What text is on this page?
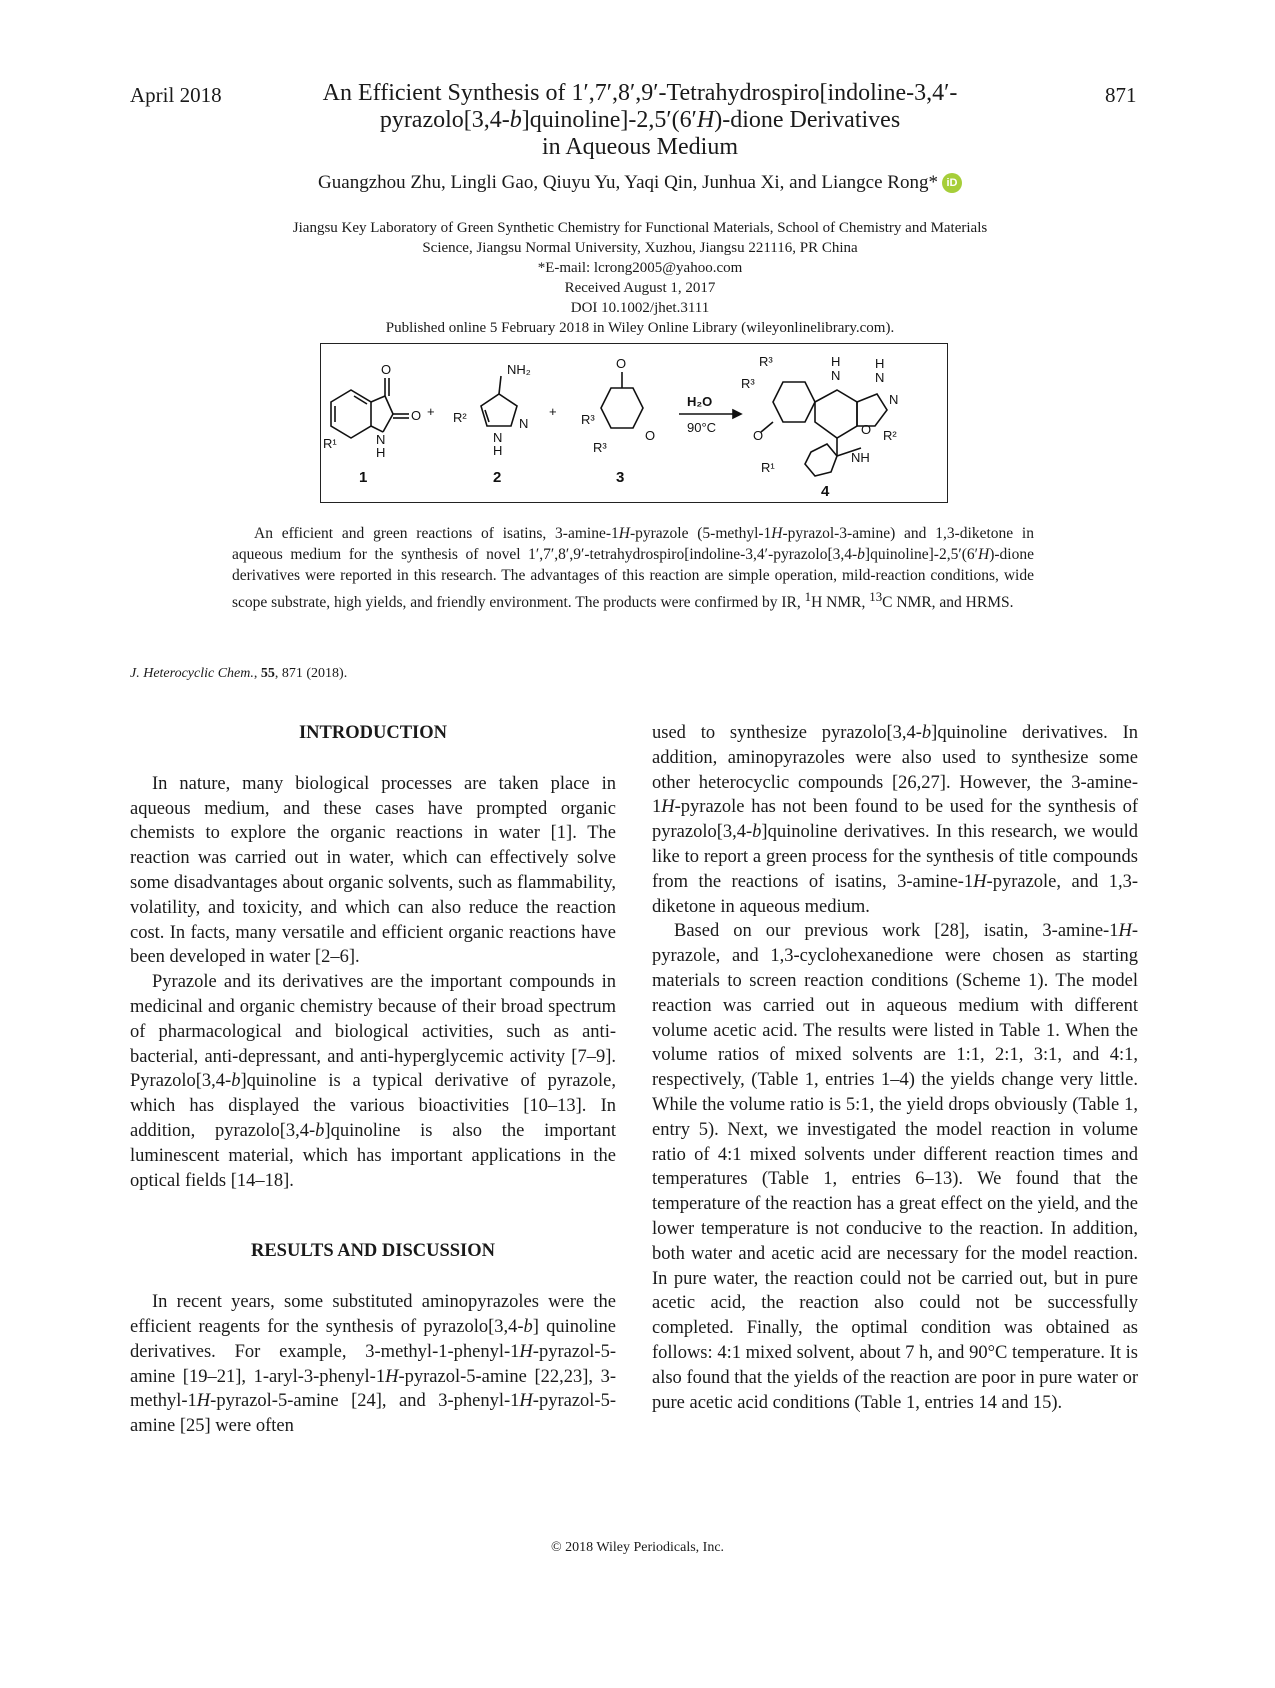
April 2018	871
An Efficient Synthesis of 1′,7′,8′,9′-Tetrahydrospiro[indoline-3,4′-
pyrazolo[3,4-b]quinoline]-2,5′(6′H)-dione Derivatives
in Aqueous Medium
Guangzhou Zhu, Lingli Gao, Qiuyu Yu, Yaqi Qin, Junhua Xi, and Liangce Rong* iD
Jiangsu Key Laboratory of Green Synthetic Chemistry for Functional Materials, School of Chemistry and Materials
Science, Jiangsu Normal University, Xuzhou, Jiangsu 221116, PR China
*E-mail: lcrong2005@yahoo.com
Received August 1, 2017
DOI 10.1002/jhet.3111
Published online 5 February 2018 in Wiley Online Library (wileyonlinelibrary.com).
O
O
N
H
R¹
1
+
NH₂
N
N
H
R²
2
+
O
O
R³
R³
3
H₂O
90°C
R³
R³
H
N
H
N
N
R²
O	O
NH
R¹
4

An efficient and green reactions of isatins, 3-amine-1H-pyrazole (5-methyl-1H-pyrazol-3-amine) and 1,3-diketone in aqueous medium for the synthesis of novel 1′,7′,8′,9′-tetrahydrospiro[indoline-3,4′-pyrazolo[3,4-b]quinoline]-2,5′(6′H)-dione derivatives were reported in this research. The advantages of this reaction are simple operation, mild-reaction conditions, wide scope substrate, high yields, and friendly environment. The products were confirmed by IR, $^1$H NMR, $^{13}$C NMR, and HRMS.

J. Heterocyclic Chem., 55, 871 (2018).

INTRODUCTION

In nature, many biological processes are taken place in aqueous medium, and these cases have prompted organic chemists to explore the organic reactions in water [1]. The reaction was carried out in water, which can effectively solve some disadvantages about organic solvents, such as flammability, volatility, and toxicity, and which can also reduce the reaction cost. In facts, many versatile and efficient organic reactions have been developed in water [2–6].

Pyrazole and its derivatives are the important compounds in medicinal and organic chemistry because of their broad spectrum of pharmacological and biological activities, such as anti-bacterial, anti-depressant, and anti-hyperglycemic activity [7–9]. Pyrazolo[3,4-b]quinoline is a typical derivative of pyrazole, which has displayed the various bioactivities [10–13]. In addition, pyrazolo[3,4-b]quinoline is also the important luminescent material, which has important applications in the optical fields [14–18].

RESULTS AND DISCUSSION

In recent years, some substituted aminopyrazoles were the efficient reagents for the synthesis of pyrazolo[3,4-b] quinoline derivatives. For example, 3-methyl-1-phenyl-1H-pyrazol-5-amine [19–21], 1-aryl-3-phenyl-1H-pyrazol-5-amine [22,23], 3-methyl-1H-pyrazol-5-amine [24], and 3-phenyl-1H-pyrazol-5-amine [25] were often

used to synthesize pyrazolo[3,4-b]quinoline derivatives. In addition, aminopyrazoles were also used to synthesize some other heterocyclic compounds [26,27]. However, the 3-amine-1H-pyrazole has not been found to be used for the synthesis of pyrazolo[3,4-b]quinoline derivatives. In this research, we would like to report a green process for the synthesis of title compounds from the reactions of isatins, 3-amine-1H-pyrazole, and 1,3-diketone in aqueous medium.

Based on our previous work [28], isatin, 3-amine-1H-pyrazole, and 1,3-cyclohexanedione were chosen as starting materials to screen reaction conditions (Scheme 1). The model reaction was carried out in aqueous medium with different volume acetic acid. The results were listed in Table 1. When the volume ratios of mixed solvents are 1:1, 2:1, 3:1, and 4:1, respectively, (Table 1, entries 1–4) the yields change very little. While the volume ratio is 5:1, the yield drops obviously (Table 1, entry 5). Next, we investigated the model reaction in volume ratio of 4:1 mixed solvents under different reaction times and temperatures (Table 1, entries 6–13). We found that the temperature of the reaction has a great effect on the yield, and the lower temperature is not conducive to the reaction. In addition, both water and acetic acid are necessary for the model reaction. In pure water, the reaction could not be carried out, but in pure acetic acid, the reaction also could not be successfully completed. Finally, the optimal condition was obtained as follows: 4:1 mixed solvent, about 7 h, and 90°C temperature. It is also found that the yields of the reaction are poor in pure water or pure acetic acid conditions (Table 1, entries 14 and 15).

© 2018 Wiley Periodicals, Inc.
